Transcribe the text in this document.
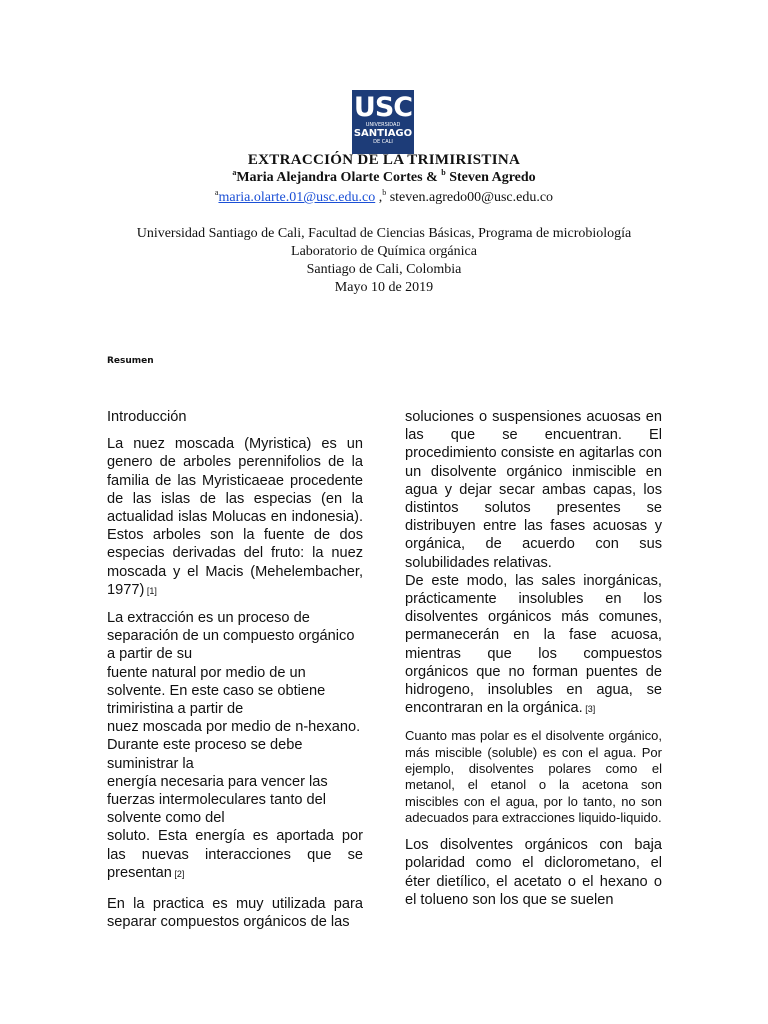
USC
UNIVERSIDAD
SANTIAGO
DE CALI
EXTRACCIÓN DE LA TRIMIRISTINA
$^a$Maria Alejandra Olarte Cortes & $^b$ Steven Agredo
$^a$maria.olarte.01@usc.edu.co ,$^b$ steven.agredo00@usc.edu.co
Universidad Santiago de Cali, Facultad de Ciencias Básicas, Programa de microbiología
Laboratorio de Química orgánica
Santiago de Cali, Colombia
Mayo 10 de 2019
Resumen

Introducción

La nuez moscada (Myristica) es un genero de arboles perennifolios de la familia de las Myristicaeae procedente de las islas de las especias (en la actualidad islas Molucas en indonesia). Estos arboles son la fuente de dos especias derivadas del fruto: la nuez moscada y el Macis (Mehelembacher, 1977) [1]

La extracción es un proceso de separación de un compuesto orgánico a partir de su

fuente natural por medio de un solvente. En este caso se obtiene trimiristina a partir de

nuez moscada por medio de n-hexano. Durante este proceso se debe suministrar la

energía necesaria para vencer las fuerzas intermoleculares tanto del solvente como del

soluto. Esta energía es aportada por las nuevas interacciones que se presentan [2]

En la practica es muy utilizada para separar compuestos orgánicos de las

soluciones o suspensiones acuosas en las que se encuentran. El procedimiento consiste en agitarlas con un disolvente orgánico inmiscible en agua y dejar secar ambas capas, los distintos solutos presentes se distribuyen entre las fases acuosas y orgánica, de acuerdo con sus solubilidades relativas.

De este modo, las sales inorgánicas, prácticamente insolubles en los disolventes orgánicos más comunes, permanecerán en la fase acuosa, mientras que los compuestos orgánicos que no forman puentes de hidrogeno, insolubles en agua, se encontraran en la orgánica. [3]

Cuanto mas polar es el disolvente orgánico, más miscible (soluble) es con el agua. Por ejemplo, disolventes polares como el metanol, el etanol o la acetona son miscibles con el agua, por lo tanto, no son adecuados para extracciones liquido-liquido.

Los disolventes orgánicos con baja polaridad como el diclorometano, el éter dietílico, el acetato o el hexano o el tolueno son los que se suelen
